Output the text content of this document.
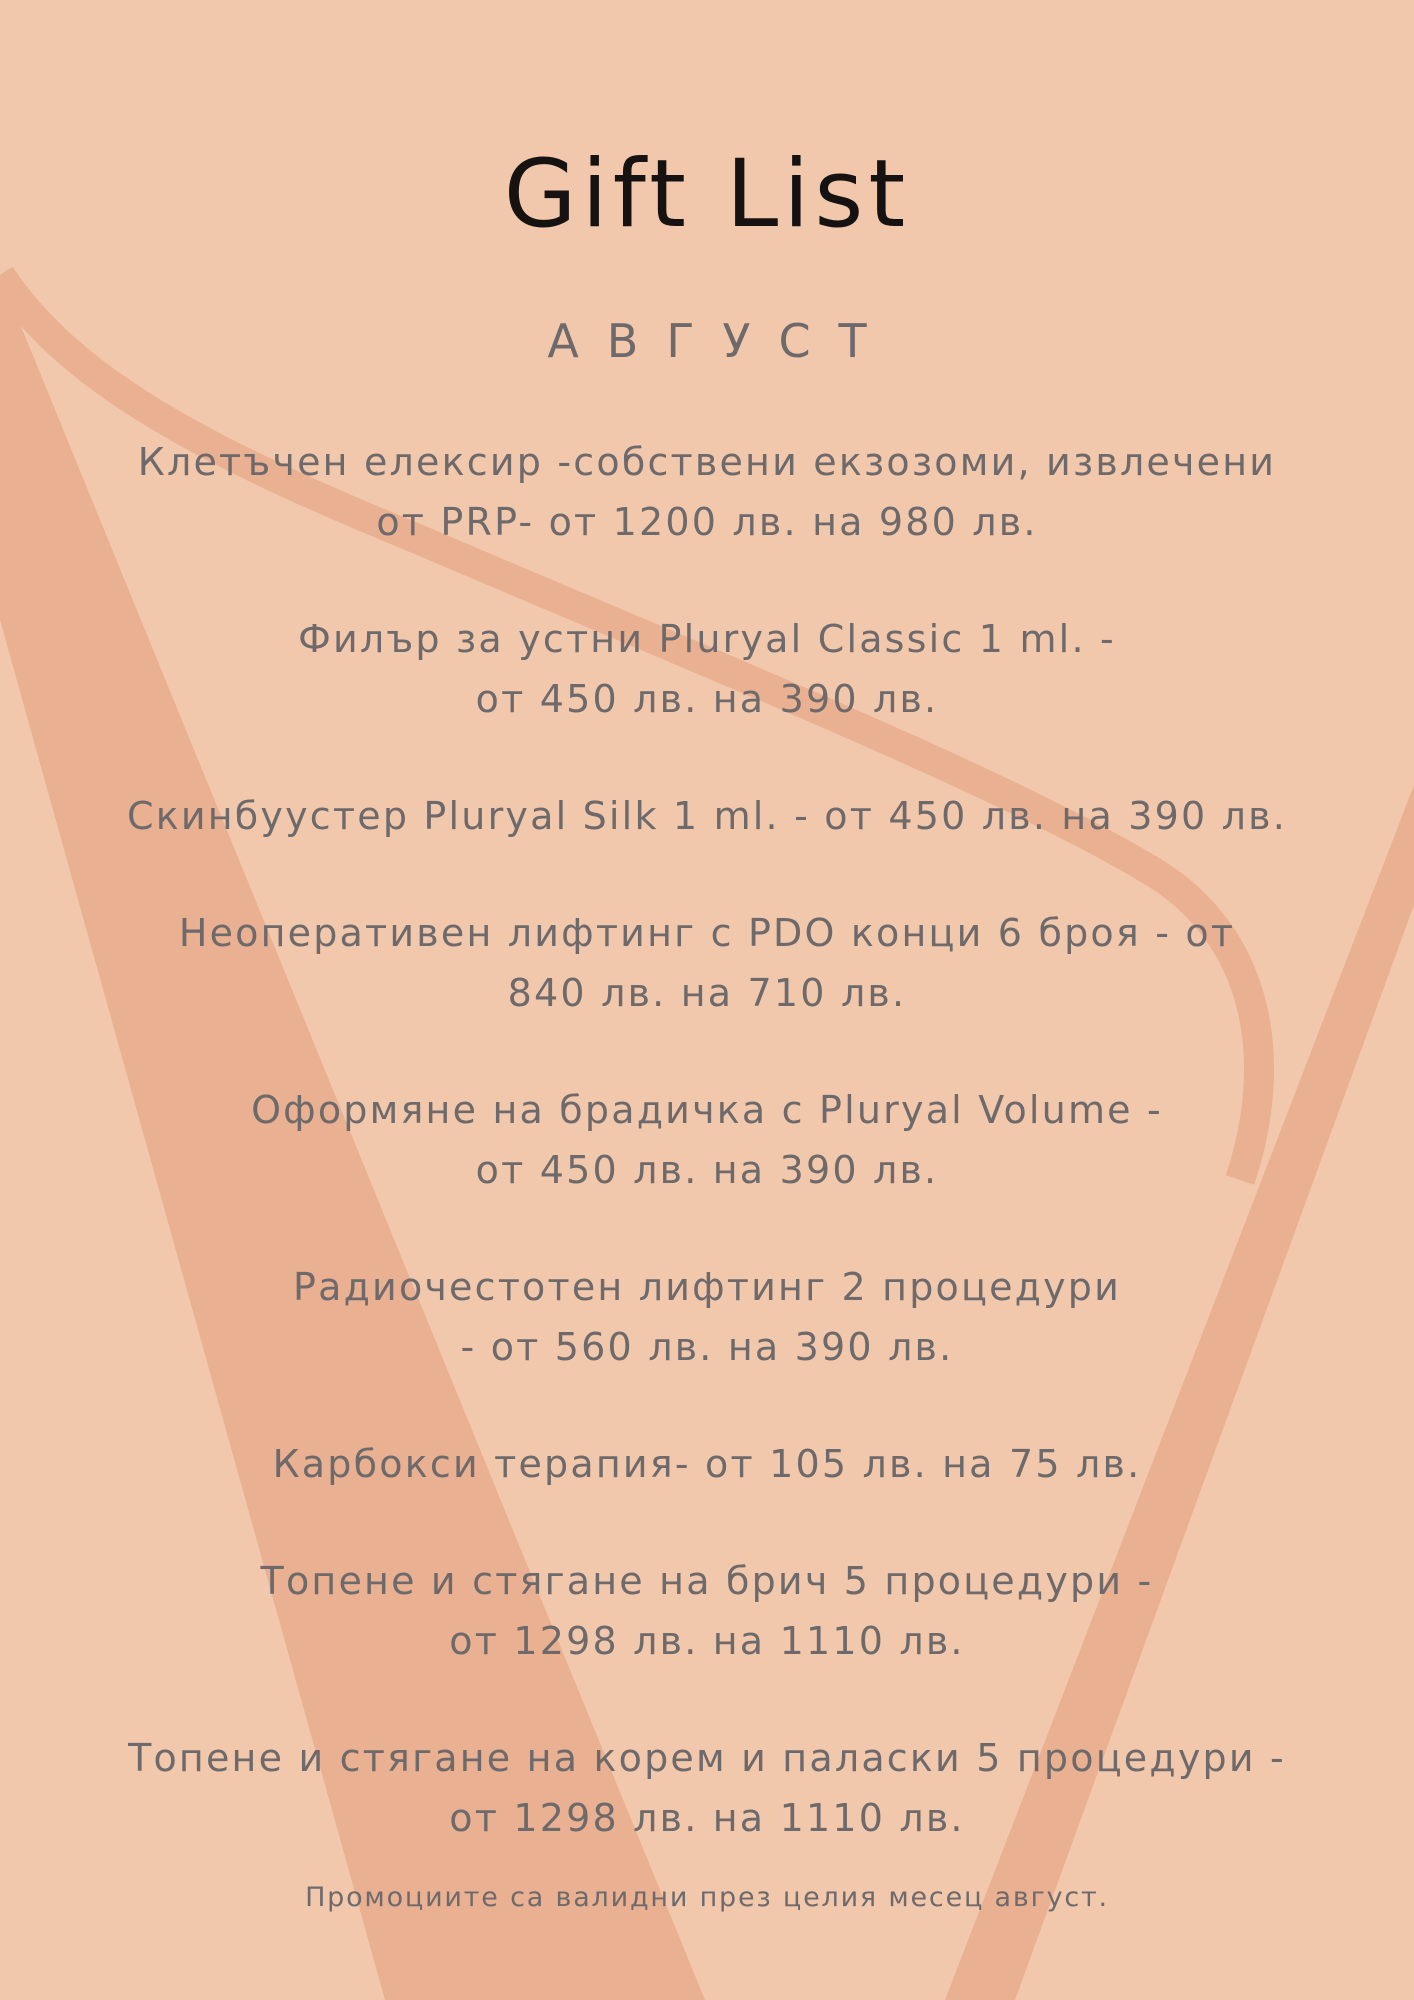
Gift List
АВГУСТ
Клетъчен елексир -собствени екзозоми, извлечени
от PRP- от 1200 лв. на 980 лв.
Филър за устни Pluryal Classic 1 ml. -
от 450 лв. на 390 лв.
Скинбуустер Pluryal Silk 1 ml. - от 450 лв. на 390 лв.
Неоперативен лифтинг с PDO конци 6 броя - от
840 лв. на 710 лв.
Оформяне на брадичка с Pluryal Volume -
от 450 лв. на 390 лв.
Радиочестотен лифтинг 2 процедури
- от 560 лв. на 390 лв.
Карбокси терапия- от 105 лв. на 75 лв.
Топене и стягане на брич 5 процедури -
от 1298 лв. на 1110 лв.
Топене и стягане на корем и паласки 5 процедури -
от 1298 лв. на 1110 лв.
Промоциите са валидни през целия месец август.
